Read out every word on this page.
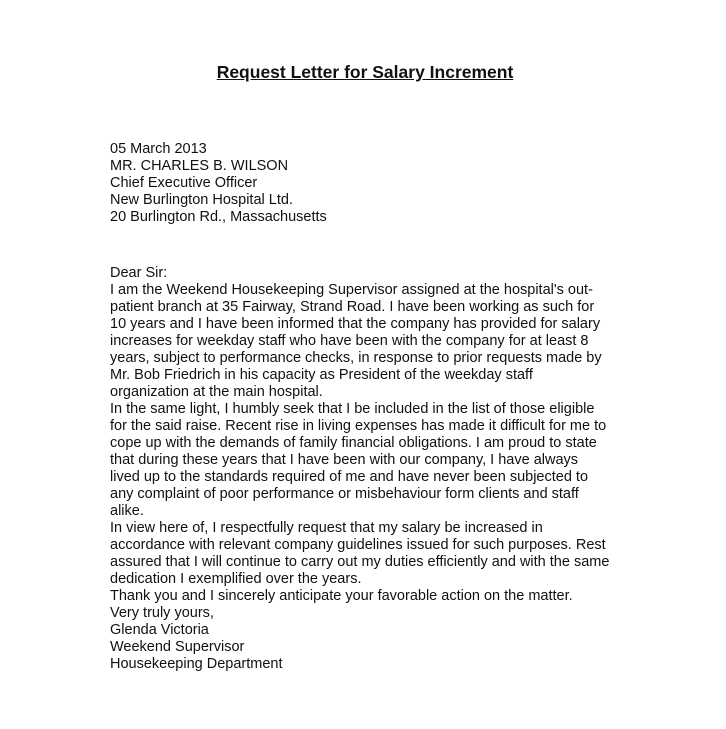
Request Letter for Salary Increment
05 March 2013
MR. CHARLES B. WILSON
Chief Executive Officer
New Burlington Hospital Ltd.
20 Burlington Rd., Massachusetts
Dear Sir:
I am the Weekend Housekeeping Supervisor assigned at the hospital's out-
patient branch at 35 Fairway, Strand Road. I have been working as such for
10 years and I have been informed that the company has provided for salary
increases for weekday staff who have been with the company for at least 8
years, subject to performance checks, in response to prior requests made by
Mr. Bob Friedrich in his capacity as President of the weekday staff
organization at the main hospital.
In the same light, I humbly seek that I be included in the list of those eligible
for the said raise. Recent rise in living expenses has made it difficult for me to
cope up with the demands of family financial obligations. I am proud to state
that during these years that I have been with our company, I have always
lived up to the standards required of me and have never been subjected to
any complaint of poor performance or misbehaviour form clients and staff
alike.
In view here of, I respectfully request that my salary be increased in
accordance with relevant company guidelines issued for such purposes. Rest
assured that I will continue to carry out my duties efficiently and with the same
dedication I exemplified over the years.
Thank you and I sincerely anticipate your favorable action on the matter.
Very truly yours,
Glenda Victoria
Weekend Supervisor
Housekeeping Department
